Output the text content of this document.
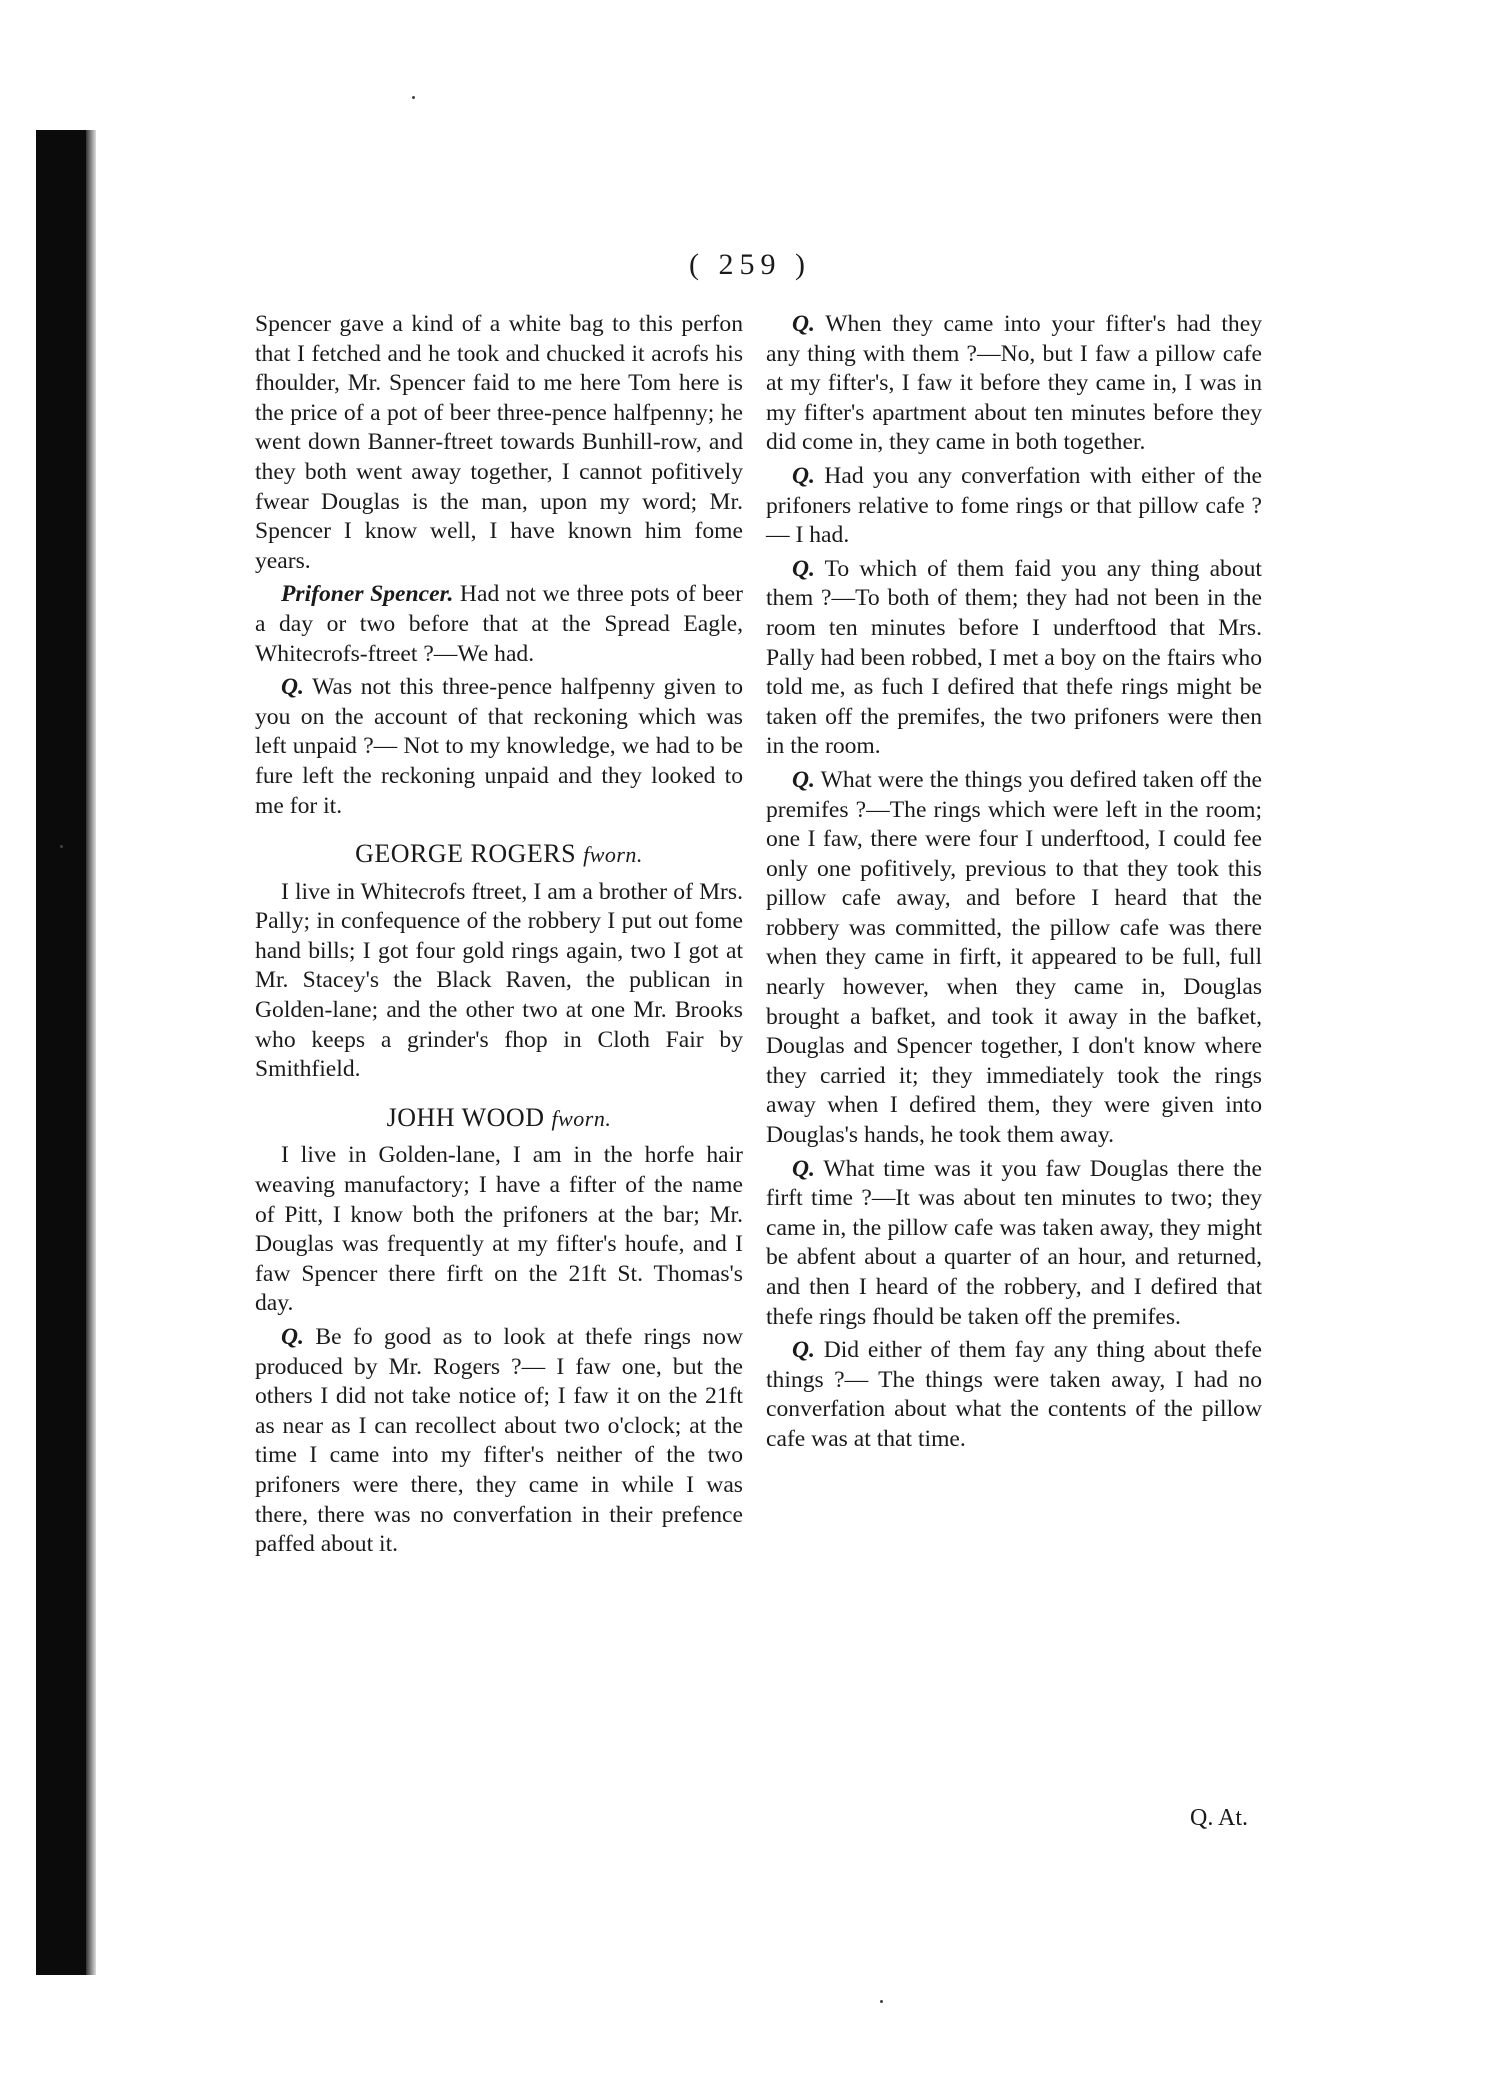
( 259 )

Spencer gave a kind of a white bag to this perfon that I fetched and he took and chucked it acrofs his fhoulder, Mr. Spencer faid to me here Tom here is the price of a pot of beer three-pence halfpenny; he went down Banner-ftreet towards Bunhill-row, and they both went away together, I cannot pofitively fwear Douglas is the man, upon my word; Mr. Spencer I know well, I have known him fome years.

Prifoner Spencer. Had not we three pots of beer a day or two before that at the Spread Eagle, Whitecrofs-ftreet ?—We had.

Q. Was not this three-pence halfpenny given to you on the account of that reckoning which was left unpaid ?— Not to my knowledge, we had to be fure left the reckoning unpaid and they looked to me for it.

GEORGE ROGERS fworn.

I live in Whitecrofs ftreet, I am a brother of Mrs. Pally; in confequence of the robbery I put out fome hand bills; I got four gold rings again, two I got at Mr. Stacey's the Black Raven, the publican in Golden-lane; and the other two at one Mr. Brooks who keeps a grinder's fhop in Cloth Fair by Smithfield.

JOHH WOOD fworn.

I live in Golden-lane, I am in the horfe hair weaving manufactory; I have a fifter of the name of Pitt, I know both the prifoners at the bar; Mr. Douglas was frequently at my fifter's houfe, and I faw Spencer there firft on the 21ft St. Thomas's day.

Q. Be fo good as to look at thefe rings now produced by Mr. Rogers ?— I faw one, but the others I did not take notice of; I faw it on the 21ft as near as I can recollect about two o'clock; at the time I came into my fifter's neither of the two prifoners were there, they came in while I was there, there was no converfation in their prefence paffed about it.

Q. When they came into your fifter's had they any thing with them ?—No, but I faw a pillow cafe at my fifter's, I faw it before they came in, I was in my fifter's apartment about ten minutes before they did come in, they came in both together.

Q. Had you any converfation with either of the prifoners relative to fome rings or that pillow cafe ?— I had.

Q. To which of them faid you any thing about them ?—To both of them; they had not been in the room ten minutes before I underftood that Mrs. Pally had been robbed, I met a boy on the ftairs who told me, as fuch I defired that thefe rings might be taken off the premifes, the two prifoners were then in the room.

Q. What were the things you defired taken off the premifes ?—The rings which were left in the room; one I faw, there were four I underftood, I could fee only one pofitively, previous to that they took this pillow cafe away, and before I heard that the robbery was committed, the pillow cafe was there when they came in firft, it appeared to be full, full nearly however, when they came in, Douglas brought a bafket, and took it away in the bafket, Douglas and Spencer together, I don't know where they carried it; they immediately took the rings away when I defired them, they were given into Douglas's hands, he took them away.

Q. What time was it you faw Douglas there the firft time ?—It was about ten minutes to two; they came in, the pillow cafe was taken away, they might be abfent about a quarter of an hour, and returned, and then I heard of the robbery, and I defired that thefe rings fhould be taken off the premifes.

Q. Did either of them fay any thing about thefe things ?— The things were taken away, I had no converfation about what the contents of the pillow cafe was at that time.

Q. At.
